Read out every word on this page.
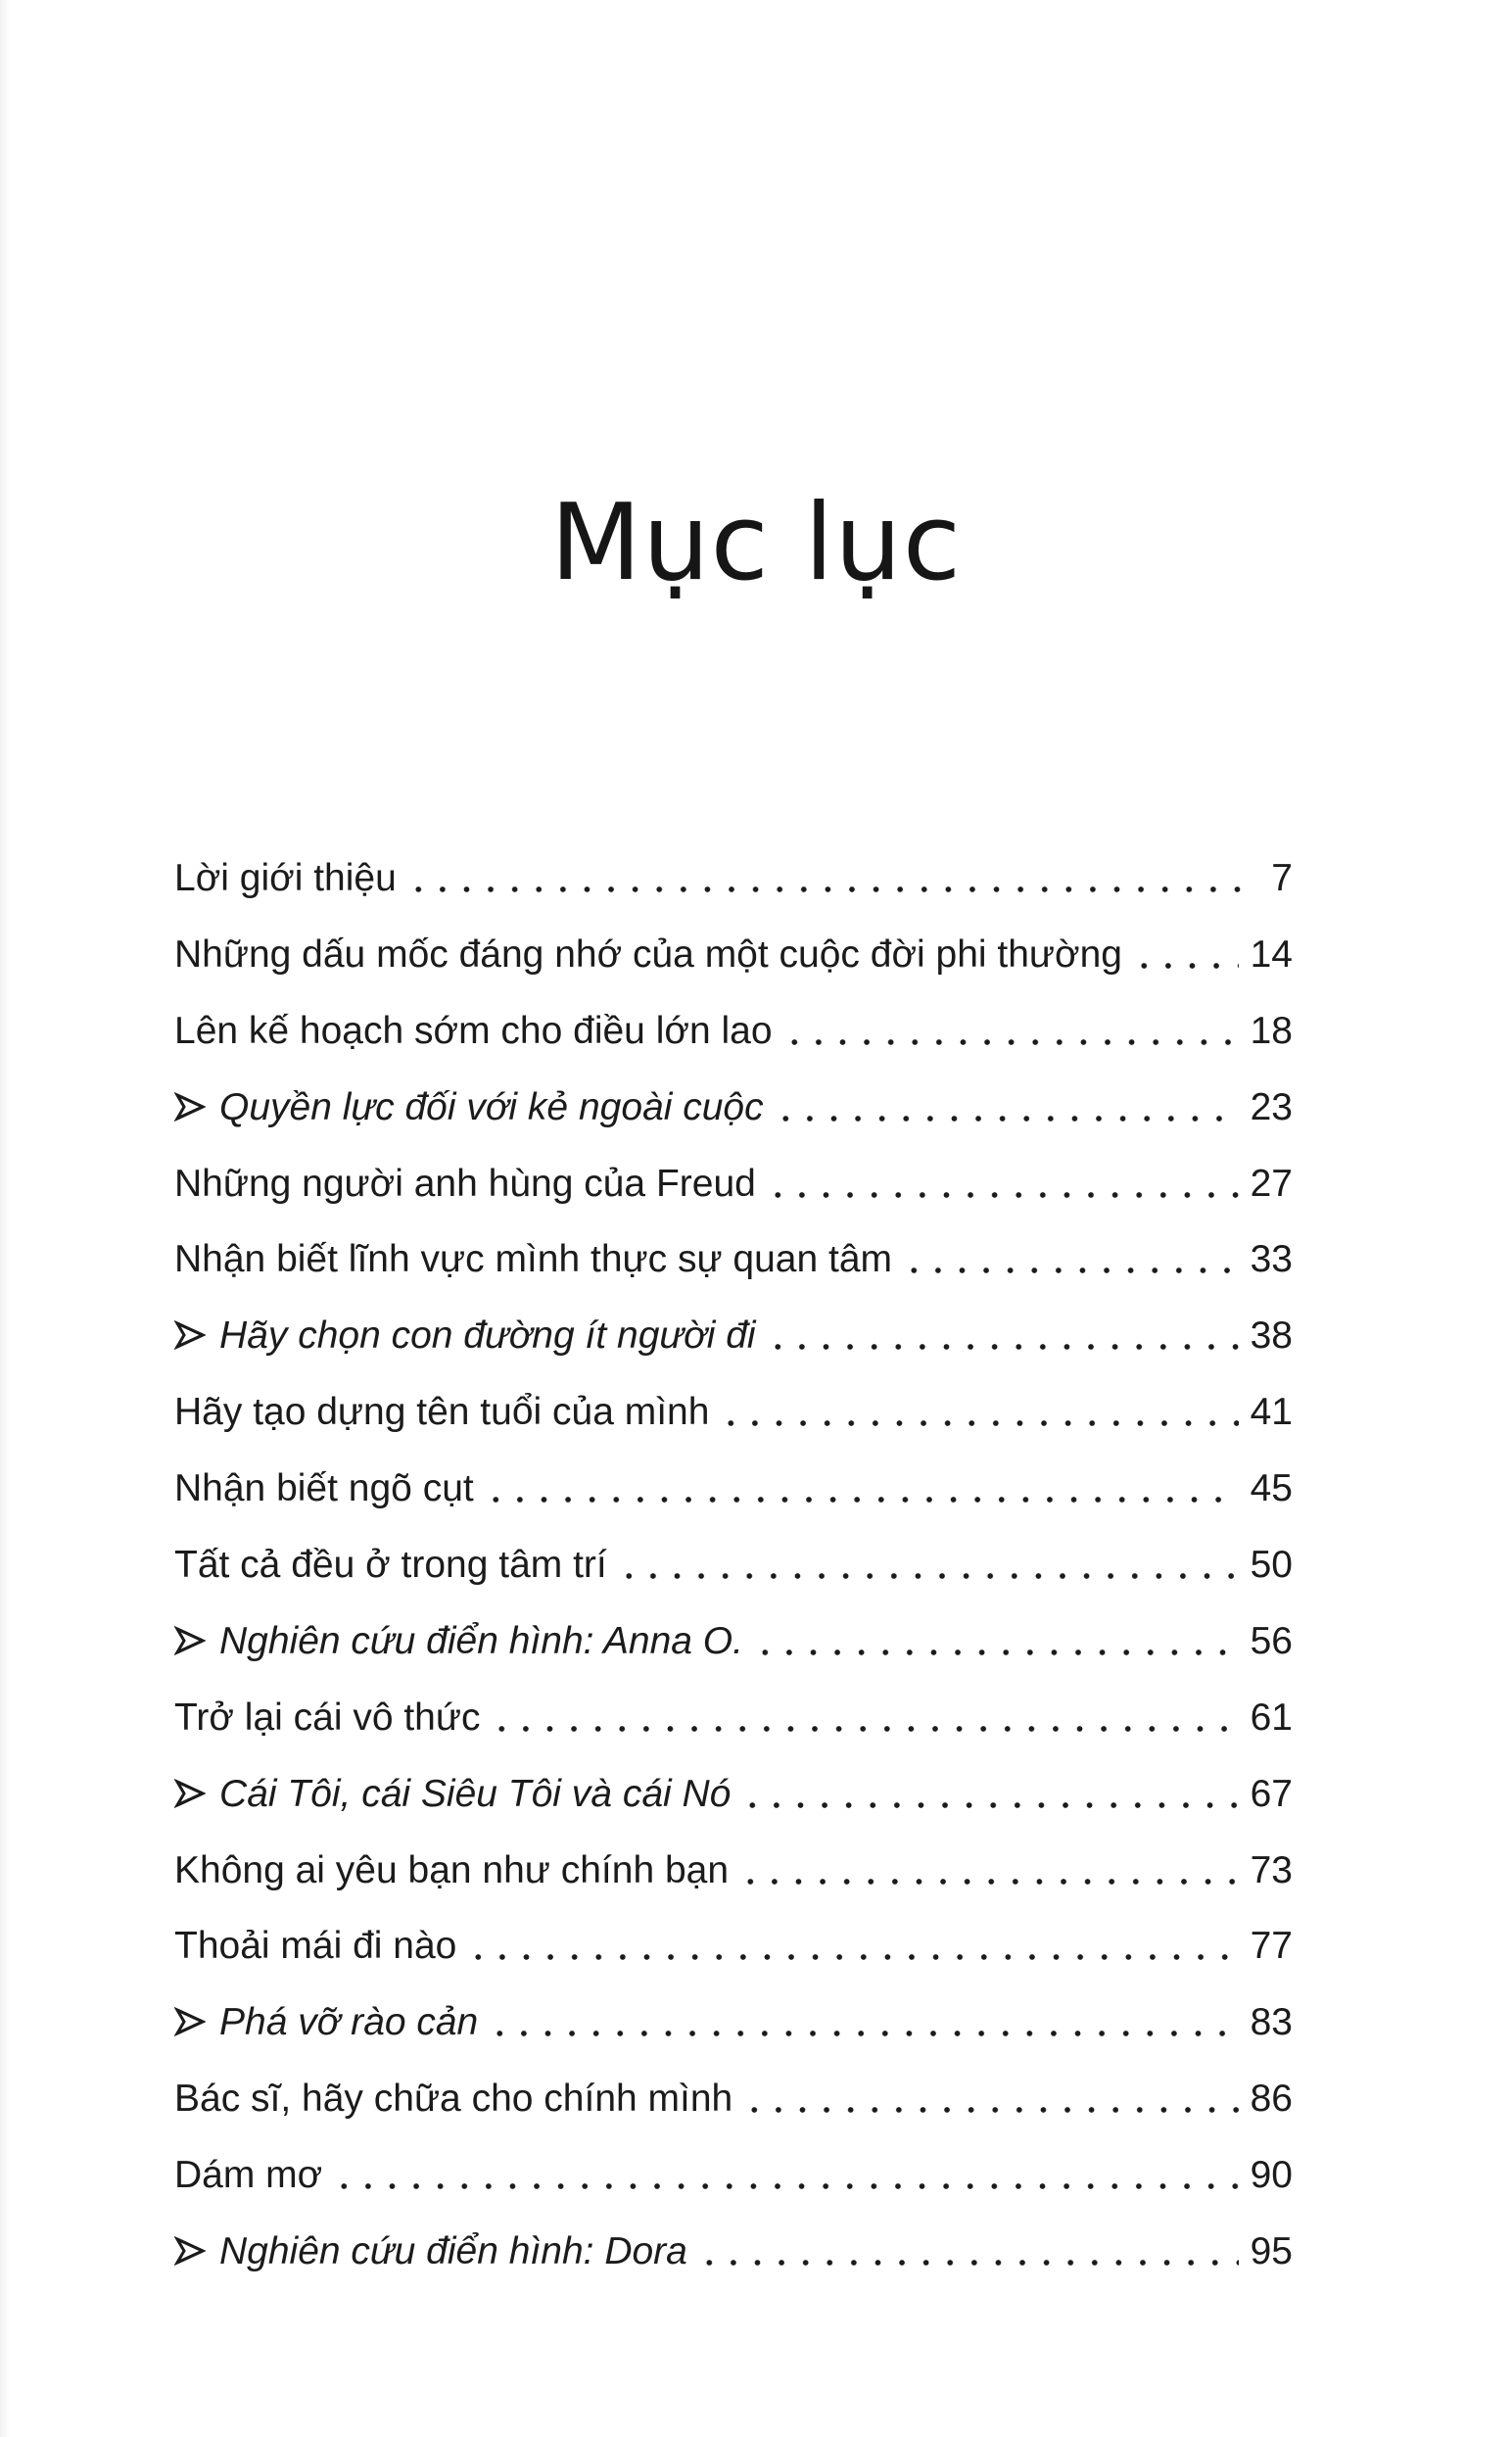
Mục lục
Lời giới thiệu	7
Những dấu mốc đáng nhớ của một cuộc đời phi thường	14
Lên kế hoạch sớm cho điều lớn lao	18
Quyền lực đối với kẻ ngoài cuộc	23
Những người anh hùng của Freud	27
Nhận biết lĩnh vực mình thực sự quan tâm	33
Hãy chọn con đường ít người đi	38
Hãy tạo dựng tên tuổi của mình	41
Nhận biết ngõ cụt	45
Tất cả đều ở trong tâm trí	50
Nghiên cứu điển hình: Anna O.	56
Trở lại cái vô thức	61
Cái Tôi, cái Siêu Tôi và cái Nó	67
Không ai yêu bạn như chính bạn	73
Thoải mái đi nào	77
Phá vỡ rào cản	83
Bác sĩ, hãy chữa cho chính mình	86
Dám mơ	90
Nghiên cứu điển hình: Dora	95
